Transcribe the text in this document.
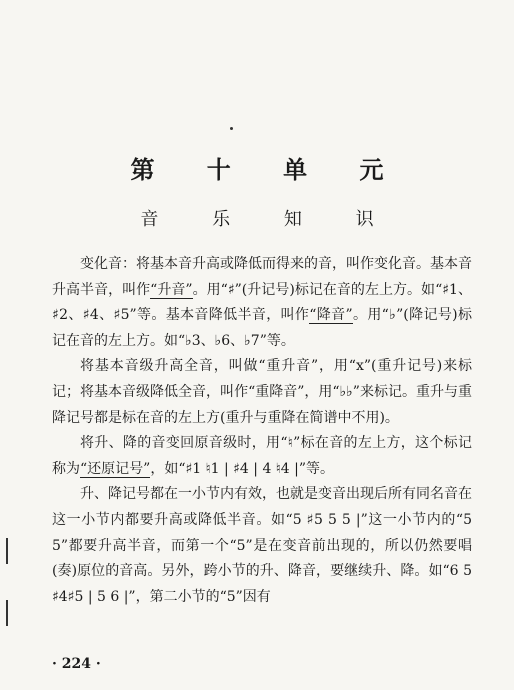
第 十 单 元
音 乐 知 识

变化音：将基本音升高或降低而得来的音，叫作变化音。基本音升高半音，叫作“升音”。用“♯”(升记号)标记在音的左上方。如“♯1、♯2、♯4、♯5”等。基本音降低半音，叫作“降音”。用“♭”(降记号)标记在音的左上方。如“♭3、♭6、♭7”等。

将基本音级升高全音，叫做“重升音”，用“x”(重升记号)来标记；将基本音级降低全音，叫作“重降音”，用“♭♭”来标记。重升与重降记号都是标在音的左上方(重升与重降在简谱中不用)。

将升、降的音变回原音级时，用“♮”标在音的左上方，这个标记称为“还原记号”，如“♯1 ♮1 | ♯4 | 4 ♮4 |”等。

升、降记号都在一小节内有效，也就是变音出现后所有同名音在这一小节内都要升高或降低半音。如“5 ♯5 5 5 |”这一小节内的“5 5”都要升高半音，而第一个“5”是在变音前出现的，所以仍然要唱(奏)原位的音高。另外，跨小节的升、降音，要继续升、降。如“6 5 ♯4♯5 | 5 6 |”，第二小节的“5”因有

· 224 ·
